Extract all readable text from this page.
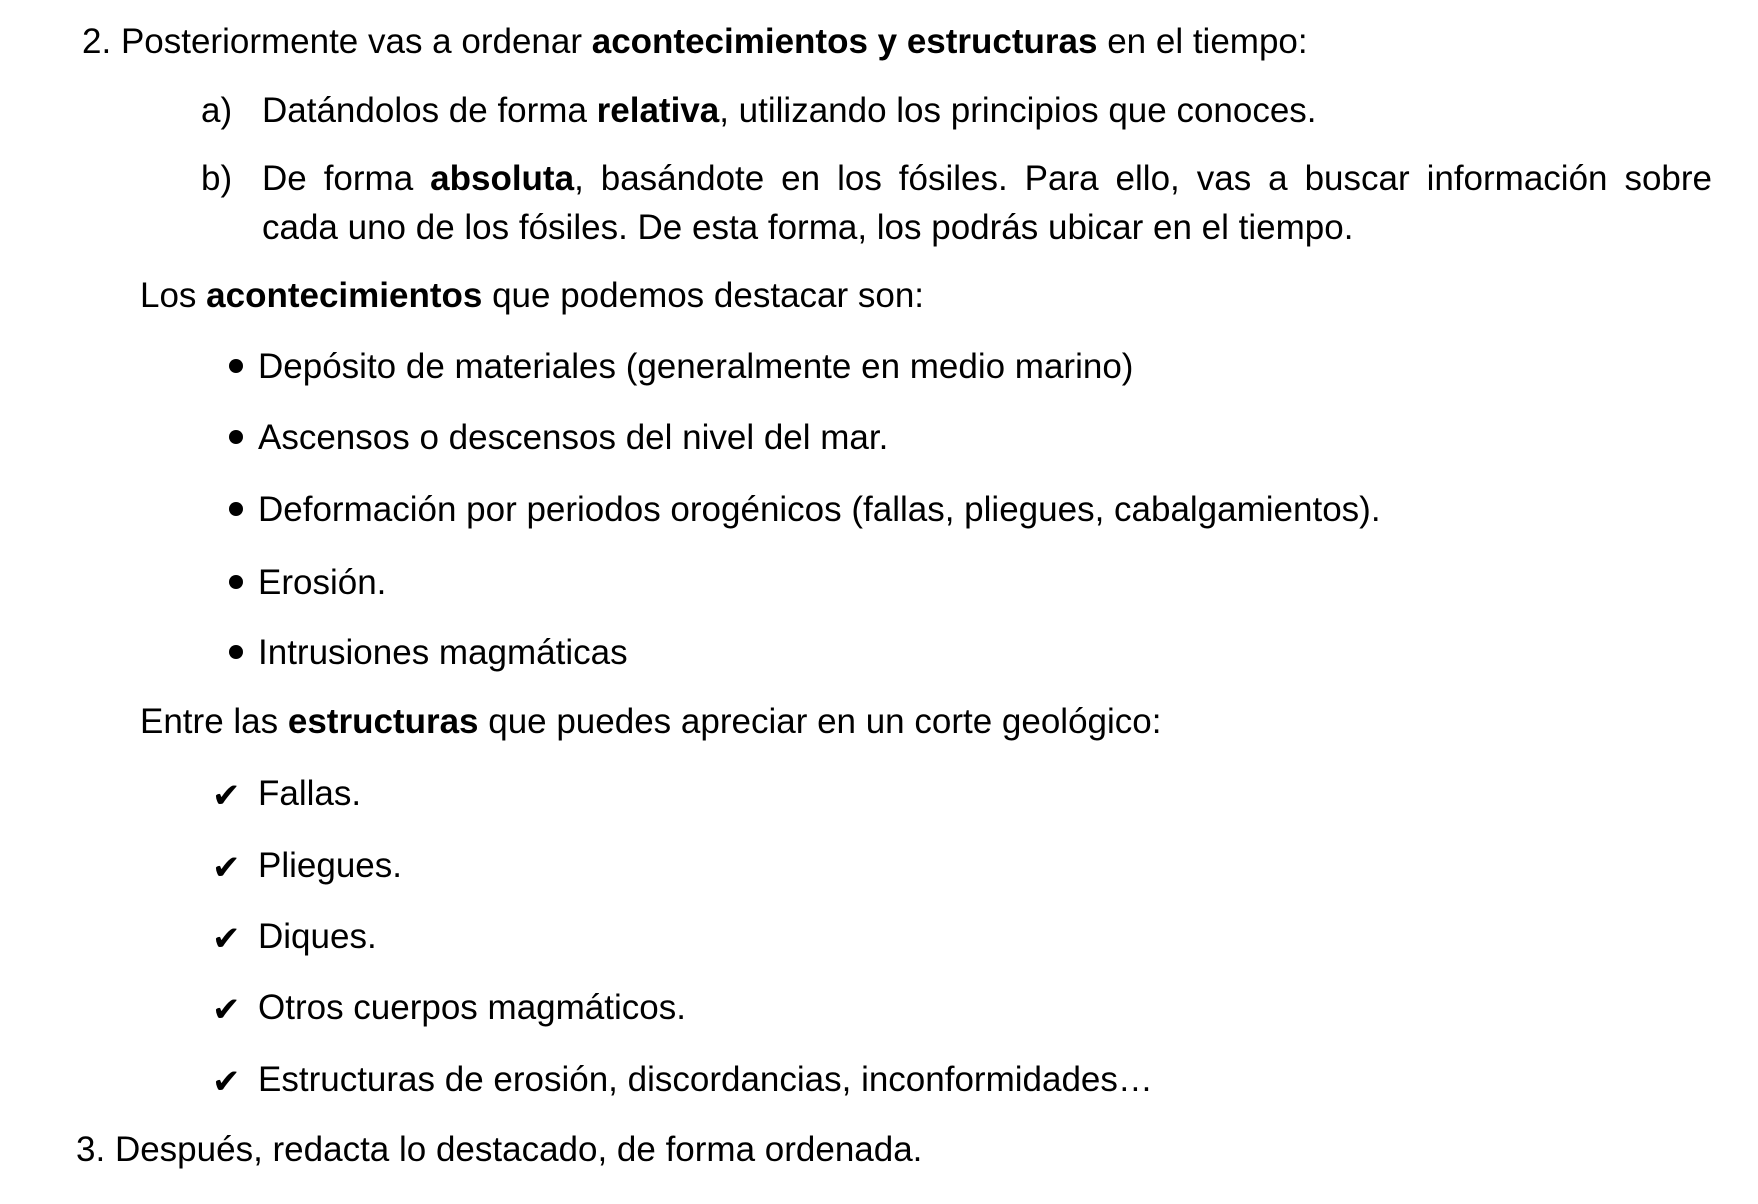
2. Posteriormente vas a ordenar acontecimientos y estructuras en el tiempo:
a) Datándolos de forma relativa, utilizando los principios que conoces.
b) De forma absoluta, basándote en los fósiles. Para ello, vas a buscar información sobre
cada uno de los fósiles. De esta forma, los podrás ubicar en el tiempo.
Los acontecimientos que podemos destacar son:
Depósito de materiales (generalmente en medio marino)
Ascensos o descensos del nivel del mar.
Deformación por periodos orogénicos (fallas, pliegues, cabalgamientos).
Erosión.
Intrusiones magmáticas
Entre las estructuras que puedes apreciar en un corte geológico:
✔ Fallas.
✔ Pliegues.
✔ Diques.
✔ Otros cuerpos magmáticos.
✔ Estructuras de erosión, discordancias, inconformidades…
3. Después, redacta lo destacado, de forma ordenada.
